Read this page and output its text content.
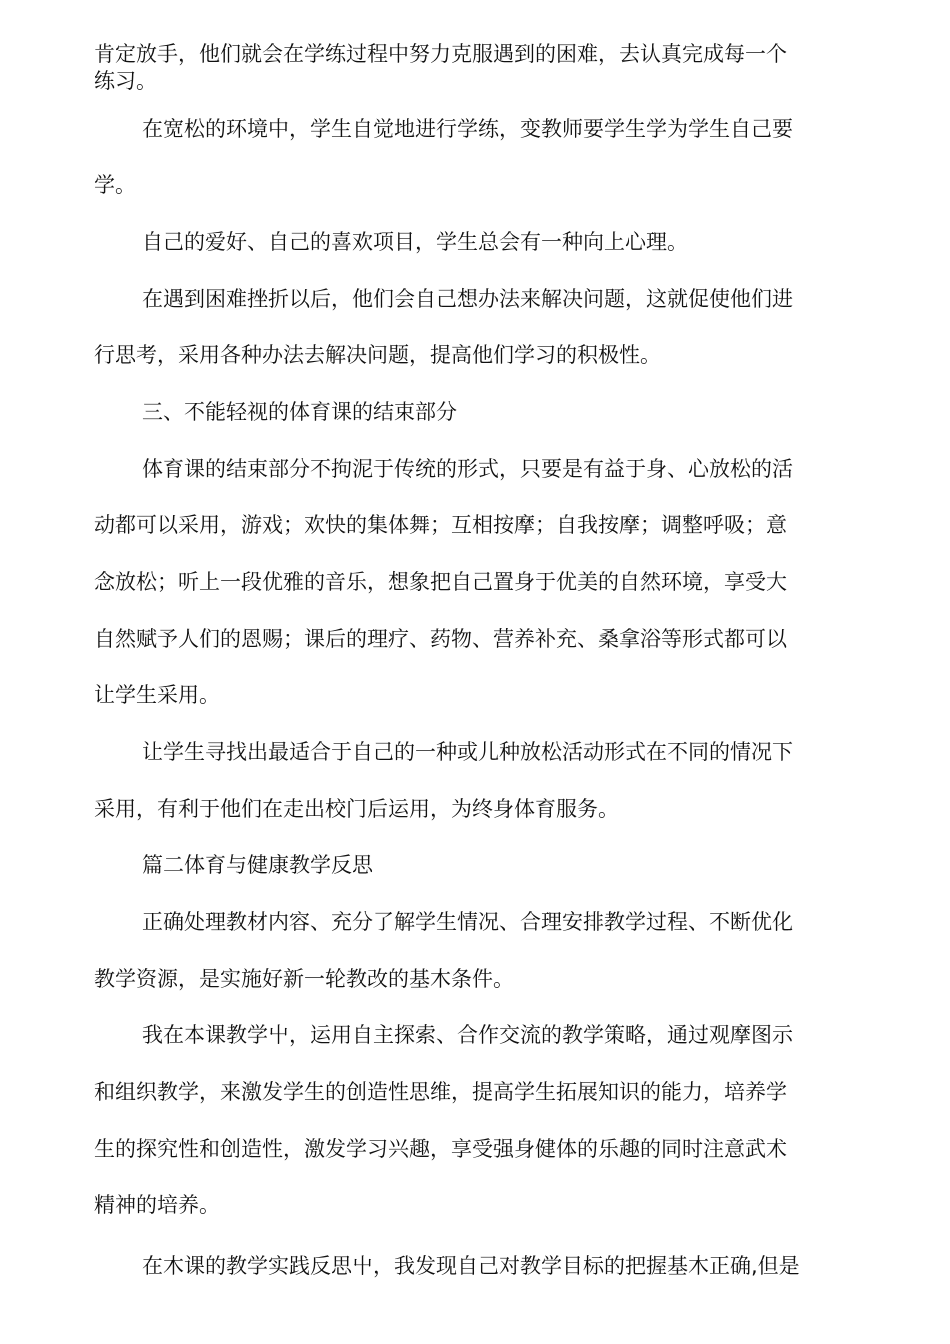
肯定放手，他们就会在学练过程中努力克服遇到的困难，去认真完成每一个
练习。
在宽松的环境中，学生自觉地进行学练，变教师要学生学为学生自己要
学。
自己的爱好、自己的喜欢项目，学生总会有一种向上心理。
在遇到困难挫折以后，他们会自己想办法来解决问题，这就促使他们进
行思考，采用各种办法去解决问题，提高他们学习的积极性。
三、不能轻视的体育课的结束部分
体育课的结束部分不拘泥于传统的形式，只要是有益于身、心放松的活
动都可以采用，游戏；欢快的集体舞；互相按摩；自我按摩；调整呼吸；意
念放松；听上一段优雅的音乐，想象把自己置身于优美的自然环境，享受大
自然赋予人们的恩赐；课后的理疗、药物、营养补充、桑拿浴等形式都可以
让学生采用。
让学生寻找出最适合于自己的一种或儿种放松活动形式在不同的情况下
采用，有利于他们在走出校门后运用，为终身体育服务。
篇二体育与健康教学反思
正确处理教材内容、充分了解学生情况、合理安排教学过程、不断优化
教学资源，是实施好新一轮教改的基木条件。
我在本课教学屮，运用自主探索、合作交流的教学策略，通过观摩图示
和组织教学，来激发学生的创造性思维，提高学生拓展知识的能力，培养学
生的探究性和创造性，激发学习兴趣，享受强身健体的乐趣的同时注意武术
精神的培养。
在木课的教学实践反思屮，我发现自己对教学目标的把握基木正确,但是
